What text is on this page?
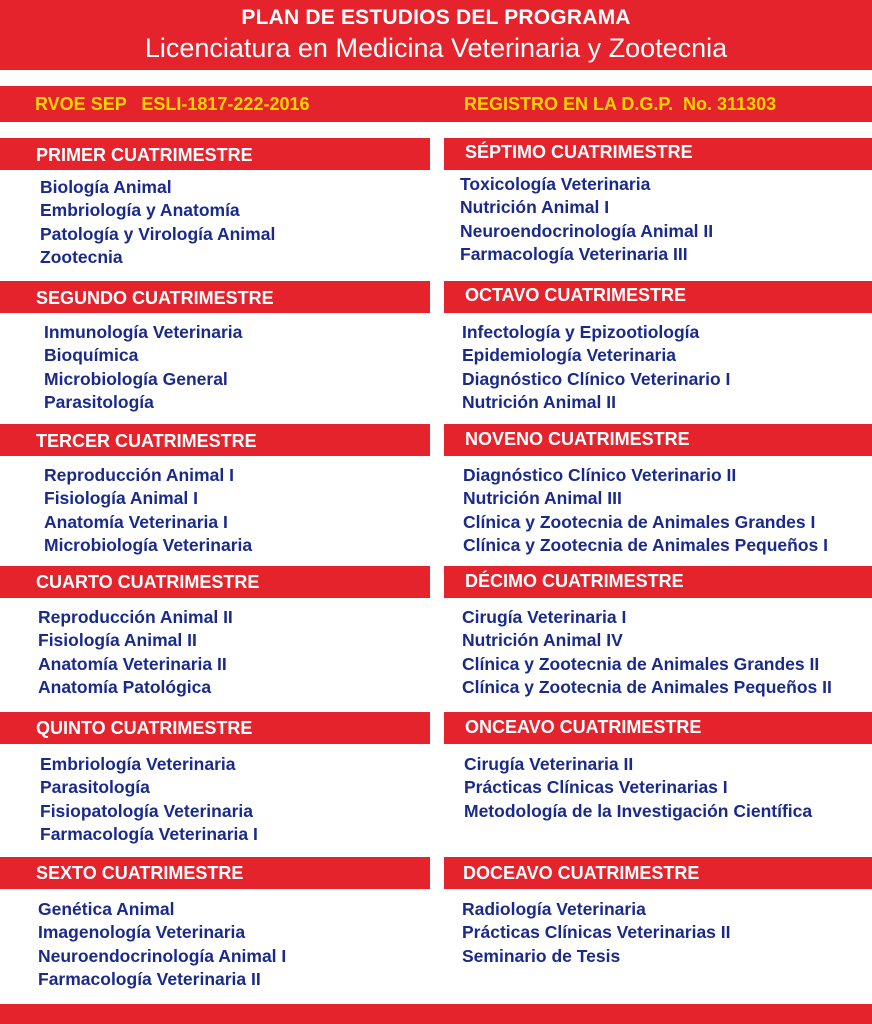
PLAN DE ESTUDIOS DEL PROGRAMA
Licenciatura en Medicina Veterinaria y Zootecnia
RVOE SEP   ESLI-1817-222-2016	REGISTRO EN LA D.G.P.  No. 311303
PRIMER CUATRIMESTRE	SÉPTIMO CUATRIMESTRE
Biología Animal
Embriología y Anatomía
Patología y Virología Animal
Zootecnia
Toxicología Veterinaria
Nutrición Animal I
Neuroendocrinología Animal II
Farmacología Veterinaria III
SEGUNDO CUATRIMESTRE	OCTAVO CUATRIMESTRE
Inmunología Veterinaria
Bioquímica
Microbiología General
Parasitología
Infectología y Epizootiología
Epidemiología Veterinaria
Diagnóstico Clínico Veterinario I
Nutrición Animal II
TERCER CUATRIMESTRE	NOVENO CUATRIMESTRE
Reproducción Animal I
Fisiología Animal I
Anatomía Veterinaria I
Microbiología Veterinaria
Diagnóstico Clínico Veterinario II
Nutrición Animal III
Clínica y Zootecnia de Animales Grandes I
Clínica y Zootecnia de Animales Pequeños I
CUARTO CUATRIMESTRE	DÉCIMO CUATRIMESTRE
Reproducción Animal II
Fisiología Animal II
Anatomía Veterinaria II
Anatomía Patológica
Cirugía Veterinaria I
Nutrición Animal IV
Clínica y Zootecnia de Animales Grandes II
Clínica y Zootecnia de Animales Pequeños II
QUINTO CUATRIMESTRE	ONCEAVO CUATRIMESTRE
Embriología Veterinaria
Parasitología
Fisiopatología Veterinaria
Farmacología Veterinaria I
Cirugía Veterinaria II
Prácticas Clínicas Veterinarias I
Metodología de la Investigación Científica
SEXTO CUATRIMESTRE	DOCEAVO CUATRIMESTRE
Genética Animal
Imagenología Veterinaria
Neuroendocrinología Animal I
Farmacología Veterinaria II
Radiología Veterinaria
Prácticas Clínicas Veterinarias II
Seminario de Tesis
